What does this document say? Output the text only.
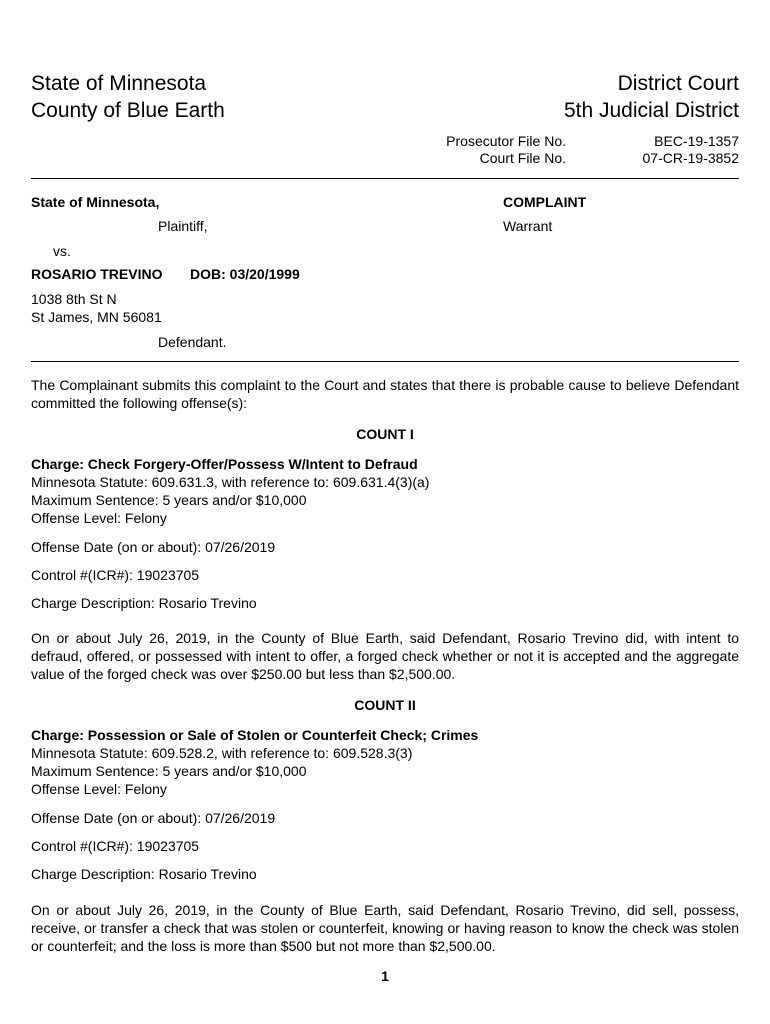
State of Minnesota
County of Blue Earth
District Court
5th Judicial District
Prosecutor File No.	BEC-19-1357
Court File No.	07-CR-19-3852
State of Minnesota,
Plaintiff,
vs.
ROSARIO TREVINO DOB: 03/20/1999
1038 8th St N
St James, MN 56081
Defendant.
COMPLAINT
Warrant
The Complainant submits this complaint to the Court and states that there is probable cause to believe Defendant committed the following offense(s):
COUNT I
Charge: Check Forgery-Offer/Possess W/Intent to Defraud
Minnesota Statute: 609.631.3, with reference to: 609.631.4(3)(a)
Maximum Sentence: 5 years and/or $10,000
Offense Level: Felony
Offense Date (on or about): 07/26/2019
Control #(ICR#): 19023705
Charge Description: Rosario Trevino
On or about July 26, 2019, in the County of Blue Earth, said Defendant, Rosario Trevino did, with intent to defraud, offered, or possessed with intent to offer, a forged check whether or not it is accepted and the aggregate value of the forged check was over $250.00 but less than $2,500.00.
COUNT II
Charge: Possession or Sale of Stolen or Counterfeit Check; Crimes
Minnesota Statute: 609.528.2, with reference to: 609.528.3(3)
Maximum Sentence: 5 years and/or $10,000
Offense Level: Felony
Offense Date (on or about): 07/26/2019
Control #(ICR#): 19023705
Charge Description: Rosario Trevino
On or about July 26, 2019, in the County of Blue Earth, said Defendant, Rosario Trevino, did sell, possess, receive, or transfer a check that was stolen or counterfeit, knowing or having reason to know the check was stolen or counterfeit; and the loss is more than $500 but not more than $2,500.00.
1
